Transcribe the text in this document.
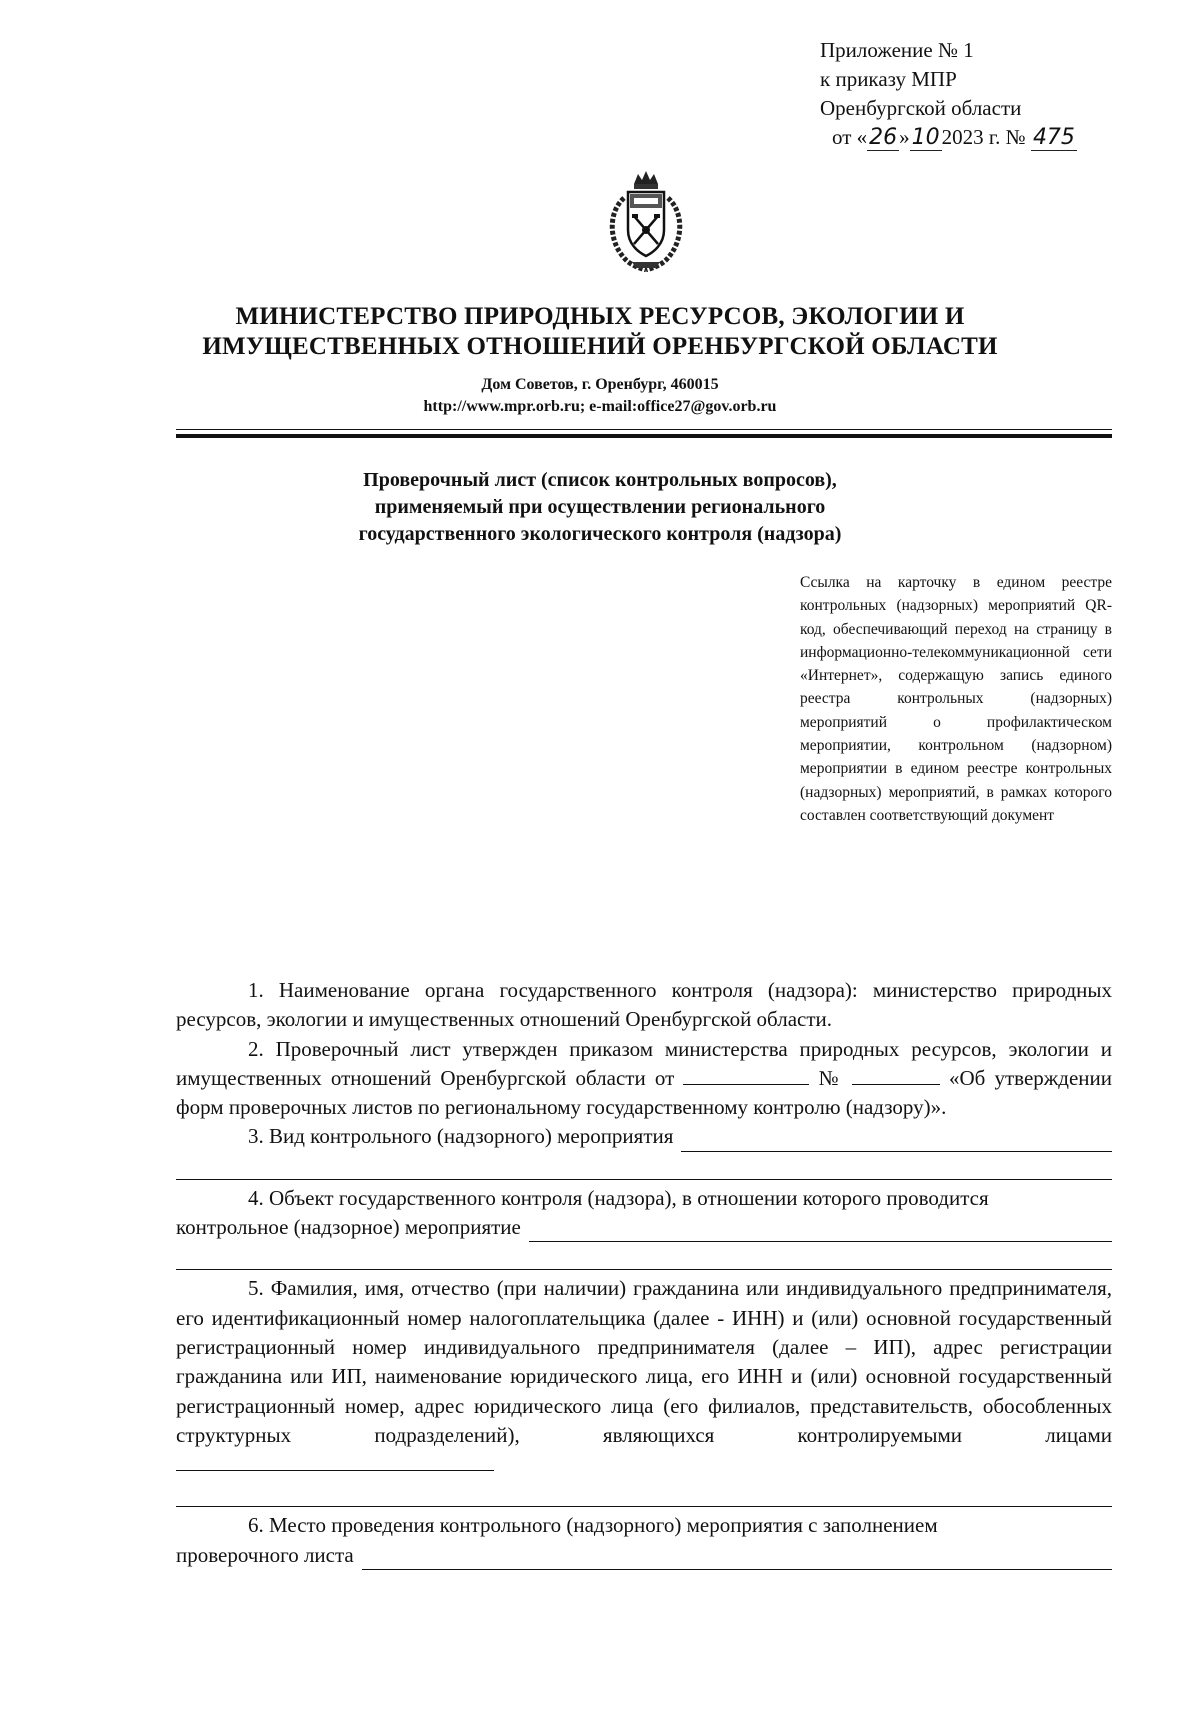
Приложение № 1
к приказу МПР
Оренбургской области
от «26»102023 г. № 475
МИНИСТЕРСТВО ПРИРОДНЫХ РЕСУРСОВ, ЭКОЛОГИИ И
ИМУЩЕСТВЕННЫХ ОТНОШЕНИЙ ОРЕНБУРГСКОЙ ОБЛАСТИ
Дом Советов, г. Оренбург, 460015
http://www.mpr.orb.ru; e-mail:office27@gov.orb.ru
Проверочный лист (список контрольных вопросов),
применяемый при осуществлении регионального
государственного экологического контроля (надзора)
Ссылка на карточку в едином реестре контрольных (надзорных) мероприятий QR-код, обеспечивающий переход на страницу в информационно-телекоммуникационной сети «Интернет», содержащую запись единого реестра контрольных (надзорных) мероприятий о профилактическом мероприятии, контрольном (надзорном) мероприятии в едином реестре контрольных (надзорных) мероприятий, в рамках которого составлен соответствующий документ

1. Наименование органа государственного контроля (надзора): министерство природных ресурсов, экологии и имущественных отношений Оренбургской области.

2. Проверочный лист утвержден приказом министерства природных ресурсов, экологии и имущественных отношений Оренбургской области от	№	«Об утверждении форм проверочных листов по региональному государственному контролю (надзору)».

3. Вид контрольного (надзорного) мероприятия

4. Объект государственного контроля (надзора), в отношении которого проводится

контрольное (надзорное) мероприятие

5. Фамилия, имя, отчество (при наличии) гражданина или индивидуального предпринимателя, его идентификационный номер налогоплательщика (далее - ИНН) и (или) основной государственный регистрационный номер индивидуального предпринимателя (далее – ИП), адрес регистрации гражданина или ИП, наименование юридического лица, его ИНН и (или) основной государственный регистрационный номер, адрес юридического лица (его филиалов, представительств, обособленных структурных подразделений), являющихся контролируемыми лицами

6. Место проведения контрольного (надзорного) мероприятия с заполнением

проверочного листа
